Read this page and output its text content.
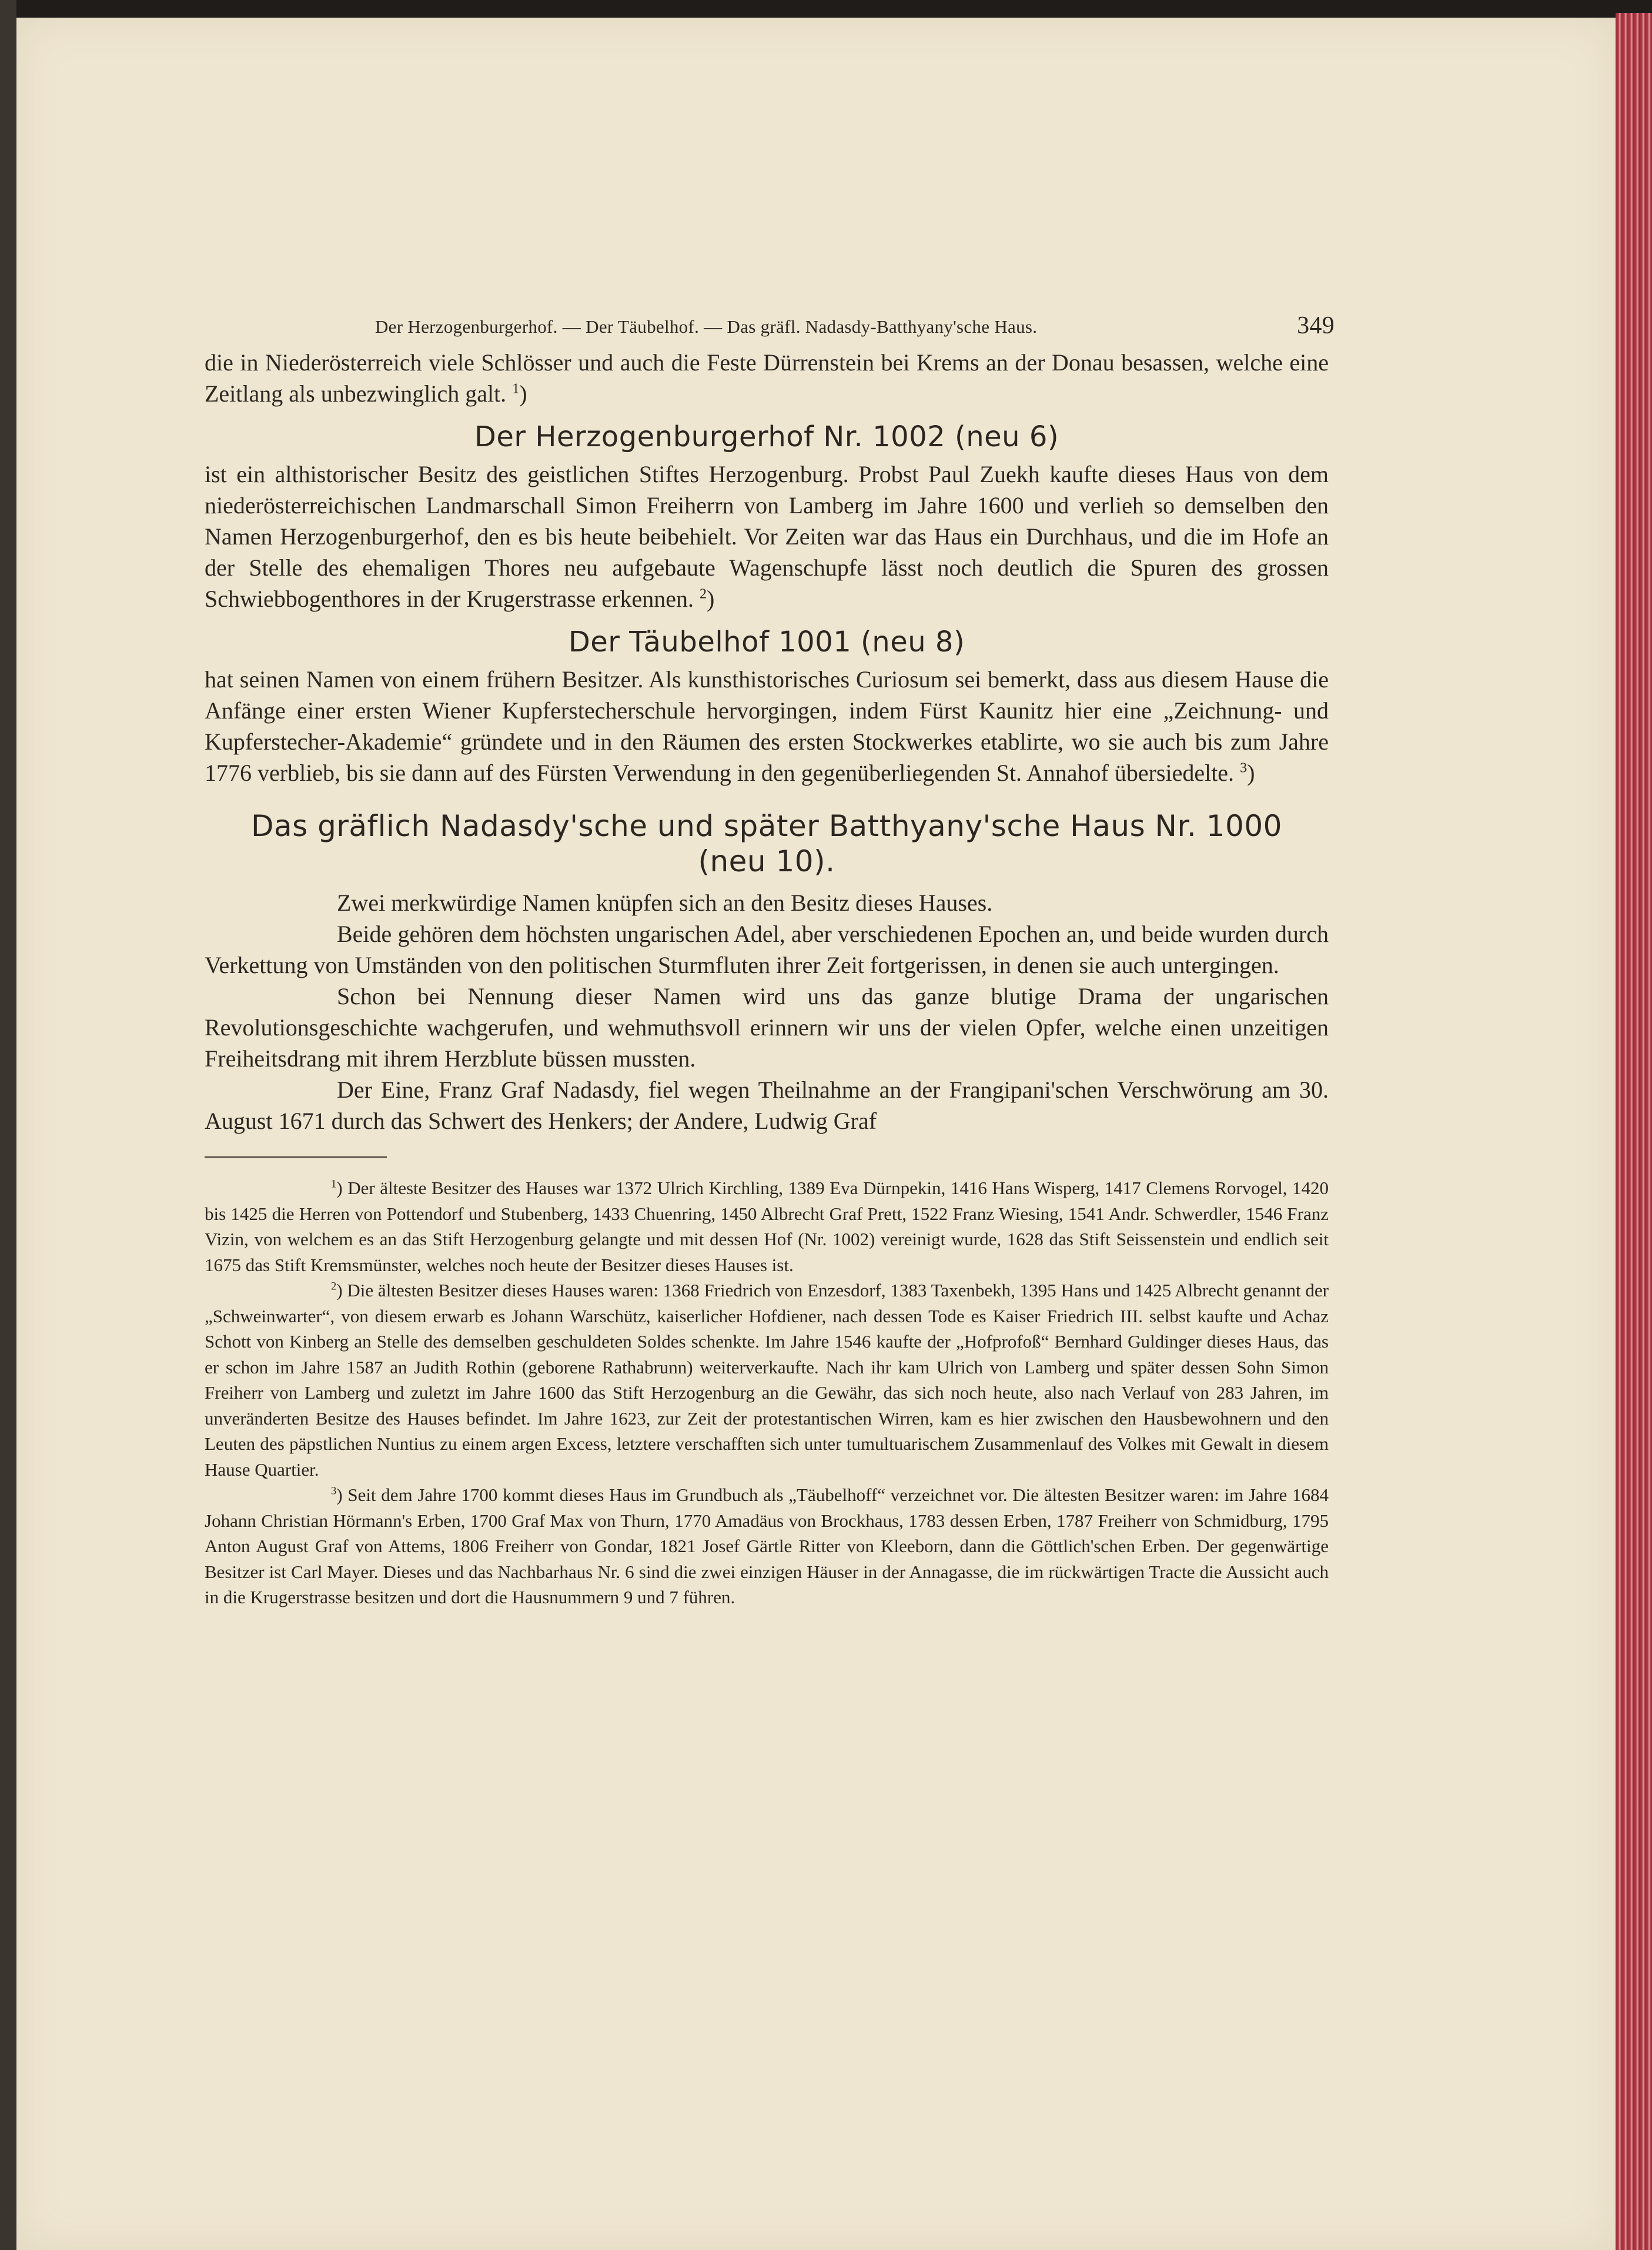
Der Herzogenburgerhof. — Der Täubelhof. — Das gräfl. Nadasdy-Batthyany'sche Haus.	349

die in Niederösterreich viele Schlösser und auch die Feste Dürrenstein bei Krems an der Donau besassen, welche eine Zeitlang als unbezwinglich galt. $^1$)

Der Herzogenburgerhof Nr. 1002 (neu 6)

ist ein althistorischer Besitz des geistlichen Stiftes Herzogenburg. Probst Paul Zuekh kaufte dieses Haus von dem niederösterreichischen Landmarschall Simon Freiherrn von Lamberg im Jahre 1600 und verlieh so demselben den Namen Herzogenburgerhof, den es bis heute beibehielt. Vor Zeiten war das Haus ein Durchhaus, und die im Hofe an der Stelle des ehemaligen Thores neu aufgebaute Wagenschupfe lässt noch deutlich die Spuren des grossen Schwiebbogenthores in der Krugerstrasse erkennen. $^2$)

Der Täubelhof 1001 (neu 8)

hat seinen Namen von einem frühern Besitzer. Als kunsthistorisches Curiosum sei bemerkt, dass aus diesem Hause die Anfänge einer ersten Wiener Kupferstecherschule hervorgingen, indem Fürst Kaunitz hier eine „Zeichnung- und Kupferstecher-Akademie“ gründete und in den Räumen des ersten Stockwerkes etablirte, wo sie auch bis zum Jahre 1776 verblieb, bis sie dann auf des Fürsten Verwendung in den gegenüberliegenden St. Annahof übersiedelte. $^3$)

Das gräflich Nadasdy'sche und später Batthyany'sche Haus Nr. 1000
(neu 10).

Zwei merkwürdige Namen knüpfen sich an den Besitz dieses Hauses.

Beide gehören dem höchsten ungarischen Adel, aber verschiedenen Epochen an, und beide wurden durch Verkettung von Umständen von den politischen Sturmfluten ihrer Zeit fortgerissen, in denen sie auch untergingen.

Schon bei Nennung dieser Namen wird uns das ganze blutige Drama der ungarischen Revolutionsgeschichte wachgerufen, und wehmuthsvoll erinnern wir uns der vielen Opfer, welche einen unzeitigen Freiheitsdrang mit ihrem Herzblute büssen mussten.

Der Eine, Franz Graf Nadasdy, fiel wegen Theilnahme an der Frangipani'schen Verschwörung am 30. August 1671 durch das Schwert des Henkers; der Andere, Ludwig Graf

$^1$) Der älteste Besitzer des Hauses war 1372 Ulrich Kirchling, 1389 Eva Dürnpekin, 1416 Hans Wisperg, 1417 Clemens Rorvogel, 1420 bis 1425 die Herren von Pottendorf und Stubenberg, 1433 Chuenring, 1450 Albrecht Graf Prett, 1522 Franz Wiesing, 1541 Andr. Schwerdler, 1546 Franz Vizin, von welchem es an das Stift Herzogenburg gelangte und mit dessen Hof (Nr. 1002) vereinigt wurde, 1628 das Stift Seissenstein und endlich seit 1675 das Stift Kremsmünster, welches noch heute der Besitzer dieses Hauses ist.

$^2$) Die ältesten Besitzer dieses Hauses waren: 1368 Friedrich von Enzesdorf, 1383 Taxenbekh, 1395 Hans und 1425 Albrecht genannt der „Schweinwarter“, von diesem erwarb es Johann Warschütz, kaiserlicher Hofdiener, nach dessen Tode es Kaiser Friedrich III. selbst kaufte und Achaz Schott von Kinberg an Stelle des demselben geschuldeten Soldes schenkte. Im Jahre 1546 kaufte der „Hofprofoß“ Bernhard Guldinger dieses Haus, das er schon im Jahre 1587 an Judith Rothin (geborene Rathabrunn) weiterverkaufte. Nach ihr kam Ulrich von Lamberg und später dessen Sohn Simon Freiherr von Lamberg und zuletzt im Jahre 1600 das Stift Herzogenburg an die Gewähr, das sich noch heute, also nach Verlauf von 283 Jahren, im unveränderten Besitze des Hauses befindet. Im Jahre 1623, zur Zeit der protestantischen Wirren, kam es hier zwischen den Hausbewohnern und den Leuten des päpstlichen Nuntius zu einem argen Excess, letztere verschafften sich unter tumultuarischem Zusammenlauf des Volkes mit Gewalt in diesem Hause Quartier.

$^3$) Seit dem Jahre 1700 kommt dieses Haus im Grundbuch als „Täubelhoff“ verzeichnet vor. Die ältesten Besitzer waren: im Jahre 1684 Johann Christian Hörmann's Erben, 1700 Graf Max von Thurn, 1770 Amadäus von Brockhaus, 1783 dessen Erben, 1787 Freiherr von Schmidburg, 1795 Anton August Graf von Attems, 1806 Freiherr von Gondar, 1821 Josef Gärtle Ritter von Kleeborn, dann die Göttlich'schen Erben. Der gegenwärtige Besitzer ist Carl Mayer. Dieses und das Nachbarhaus Nr. 6 sind die zwei einzigen Häuser in der Annagasse, die im rückwärtigen Tracte die Aussicht auch in die Krugerstrasse besitzen und dort die Hausnummern 9 und 7 führen.
